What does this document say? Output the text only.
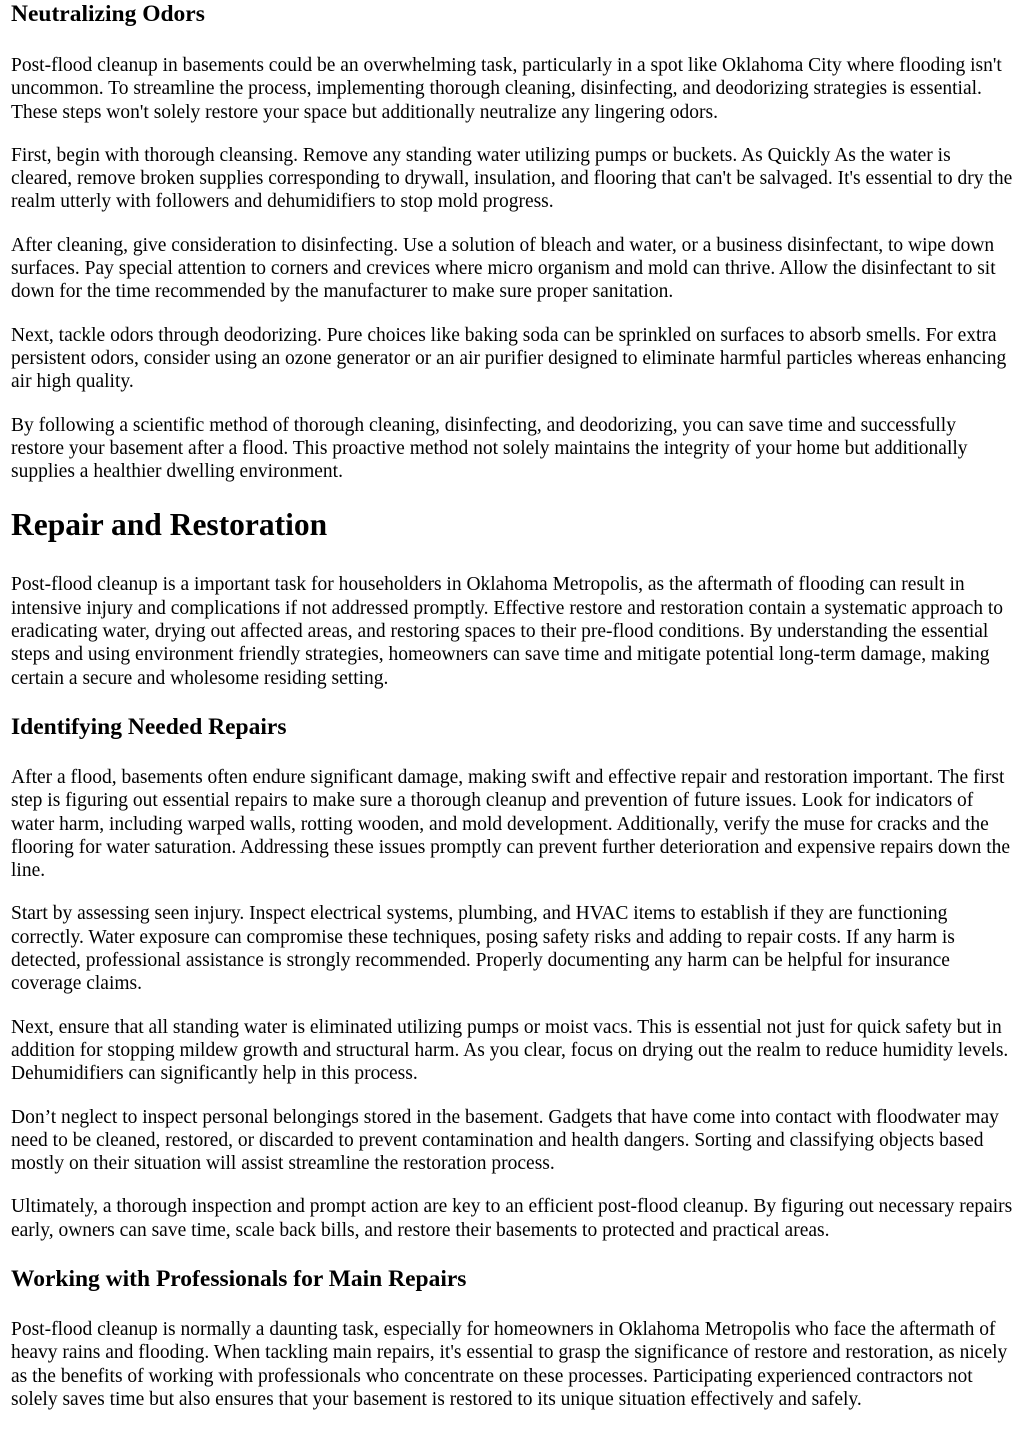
Neutralizing Odors

Post-flood cleanup in basements could be an overwhelming task, particularly in a spot like Oklahoma City where flooding isn't uncommon. To streamline the process, implementing thorough cleaning, disinfecting, and deodorizing strategies is essential. These steps won't solely restore your space but additionally neutralize any lingering odors.

First, begin with thorough cleansing. Remove any standing water utilizing pumps or buckets. As Quickly As the water is cleared, remove broken supplies corresponding to drywall, insulation, and flooring that can't be salvaged. It's essential to dry the realm utterly with followers and dehumidifiers to stop mold progress.

After cleaning, give consideration to disinfecting. Use a solution of bleach and water, or a business disinfectant, to wipe down surfaces. Pay special attention to corners and crevices where micro organism and mold can thrive. Allow the disinfectant to sit down for the time recommended by the manufacturer to make sure proper sanitation.

Next, tackle odors through deodorizing. Pure choices like baking soda can be sprinkled on surfaces to absorb smells. For extra persistent odors, consider using an ozone generator or an air purifier designed to eliminate harmful particles whereas enhancing air high quality.

By following a scientific method of thorough cleaning, disinfecting, and deodorizing, you can save time and successfully restore your basement after a flood. This proactive method not solely maintains the integrity of your home but additionally supplies a healthier dwelling environment.

Repair and Restoration

Post-flood cleanup is a important task for householders in Oklahoma Metropolis, as the aftermath of flooding can result in intensive injury and complications if not addressed promptly. Effective restore and restoration contain a systematic approach to eradicating water, drying out affected areas, and restoring spaces to their pre-flood conditions. By understanding the essential steps and using environment friendly strategies, homeowners can save time and mitigate potential long-term damage, making certain a secure and wholesome residing setting.

Identifying Needed Repairs

After a flood, basements often endure significant damage, making swift and effective repair and restoration important. The first step is figuring out essential repairs to make sure a thorough cleanup and prevention of future issues. Look for indicators of water harm, including warped walls, rotting wooden, and mold development. Additionally, verify the muse for cracks and the flooring for water saturation. Addressing these issues promptly can prevent further deterioration and expensive repairs down the line.

Start by assessing seen injury. Inspect electrical systems, plumbing, and HVAC items to establish if they are functioning correctly. Water exposure can compromise these techniques, posing safety risks and adding to repair costs. If any harm is detected, professional assistance is strongly recommended. Properly documenting any harm can be helpful for insurance coverage claims.

Next, ensure that all standing water is eliminated utilizing pumps or moist vacs. This is essential not just for quick safety but in addition for stopping mildew growth and structural harm. As you clear, focus on drying out the realm to reduce humidity levels. Dehumidifiers can significantly help in this process.

Don’t neglect to inspect personal belongings stored in the basement. Gadgets that have come into contact with floodwater may need to be cleaned, restored, or discarded to prevent contamination and health dangers. Sorting and classifying objects based mostly on their situation will assist streamline the restoration process.

Ultimately, a thorough inspection and prompt action are key to an efficient post-flood cleanup. By figuring out necessary repairs early, owners can save time, scale back bills, and restore their basements to protected and practical areas.

Working with Professionals for Main Repairs

Post-flood cleanup is normally a daunting task, especially for homeowners in Oklahoma Metropolis who face the aftermath of heavy rains and flooding. When tackling main repairs, it's essential to grasp the significance of restore and restoration, as nicely as the benefits of working with professionals who concentrate on these processes. Participating experienced contractors not solely saves time but also ensures that your basement is restored to its unique situation effectively and safely.
